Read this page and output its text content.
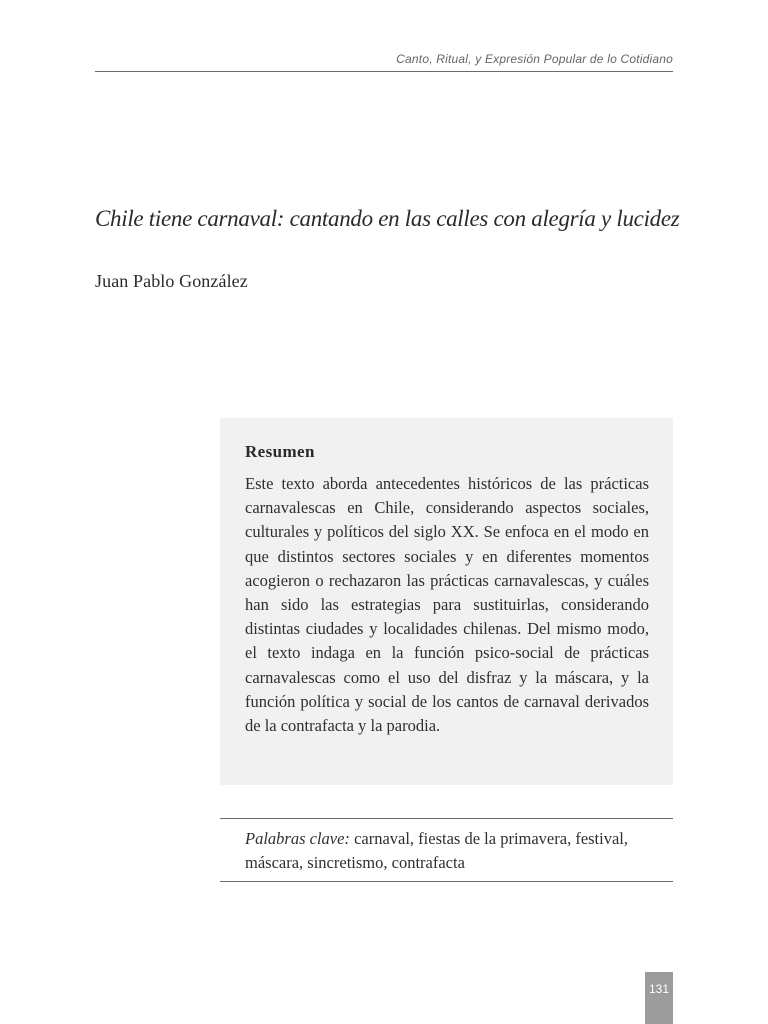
Canto, Ritual, y Expresión Popular de lo Cotidiano
Chile tiene carnaval: cantando en las calles con alegría y lucidez
Juan Pablo González
Resumen

Este texto aborda antecedentes históricos de las prácticas carnavalescas en Chile, considerando aspectos sociales, culturales y políticos del siglo XX. Se enfoca en el modo en que distintos sectores sociales y en diferentes momentos acogieron o rechazaron las prácticas carnavalescas, y cuáles han sido las estrategias para sustituirlas, considerando distintas ciudades y localidades chilenas. Del mismo modo, el texto indaga en la función psico-social de prácticas carnavalescas como el uso del disfraz y la máscara, y la función política y social de los cantos de carnaval derivados de la contrafacta y la parodia.

Palabras clave: carnaval, fiestas de la primavera, festival, máscara, sincretismo, contrafacta

131
